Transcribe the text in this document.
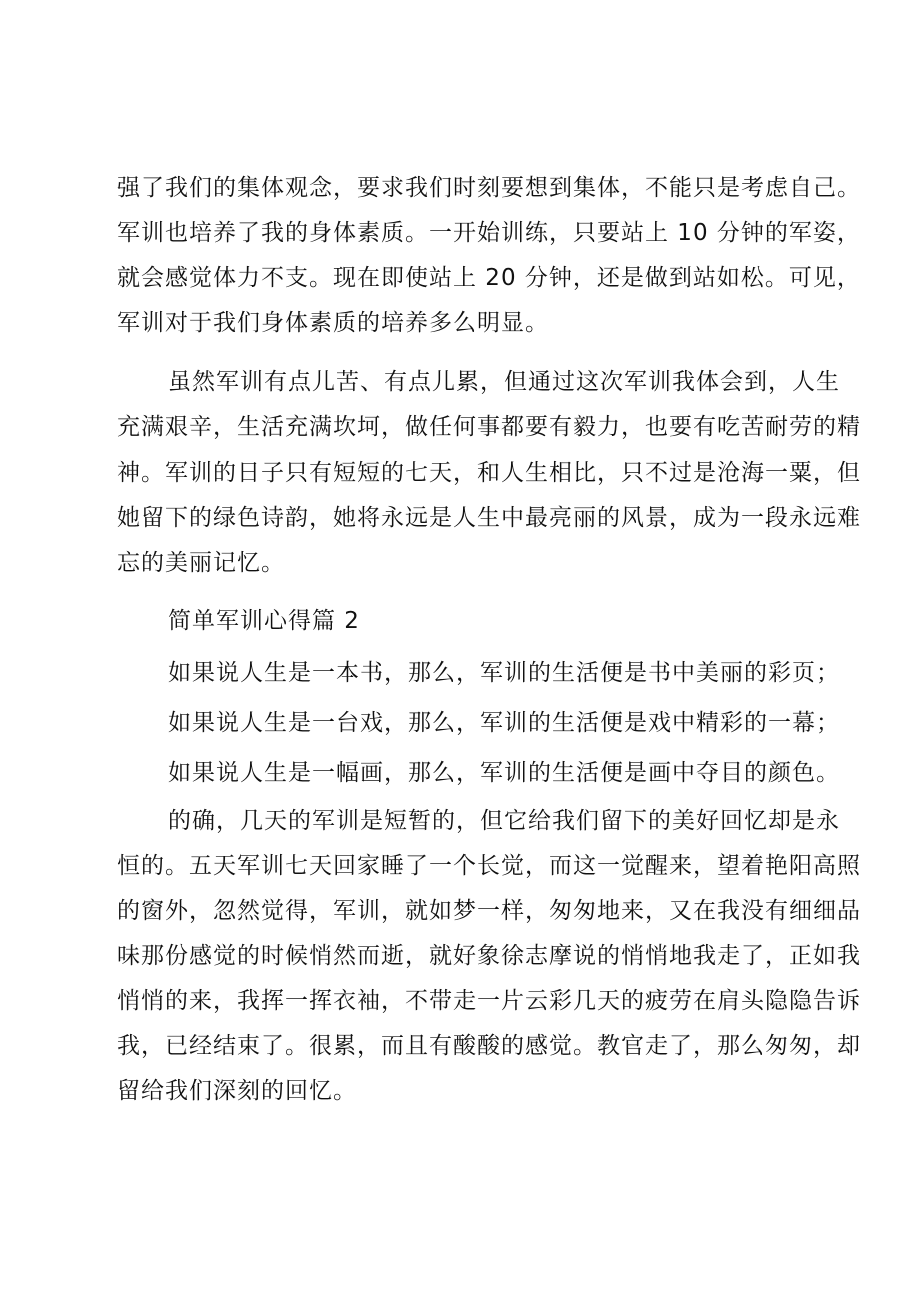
强了我们的集体观念，要求我们时刻要想到集体，不能只是考虑自己。
军训也培养了我的身体素质。一开始训练，只要站上 10 分钟的军姿，
就会感觉体力不支。现在即使站上 20 分钟，还是做到站如松。可见，
军训对于我们身体素质的培养多么明显。
虽然军训有点儿苦、有点儿累，但通过这次军训我体会到，人生
充满艰辛，生活充满坎坷，做任何事都要有毅力，也要有吃苦耐劳的精
神。军训的日子只有短短的七天，和人生相比，只不过是沧海一粟，但
她留下的绿色诗韵，她将永远是人生中最亮丽的风景，成为一段永远难
忘的美丽记忆。
简单军训心得篇 2
如果说人生是一本书，那么，军训的生活便是书中美丽的彩页；
如果说人生是一台戏，那么，军训的生活便是戏中精彩的一幕；
如果说人生是一幅画，那么，军训的生活便是画中夺目的颜色。
的确，几天的军训是短暂的，但它给我们留下的美好回忆却是永
恒的。五天军训七天回家睡了一个长觉，而这一觉醒来，望着艳阳高照
的窗外，忽然觉得，军训，就如梦一样，匆匆地来，又在我没有细细品
味那份感觉的时候悄然而逝，就好象徐志摩说的悄悄地我走了，正如我
悄悄的来，我挥一挥衣袖，不带走一片云彩几天的疲劳在肩头隐隐告诉
我，已经结束了。很累，而且有酸酸的感觉。教官走了，那么匆匆，却
留给我们深刻的回忆。
